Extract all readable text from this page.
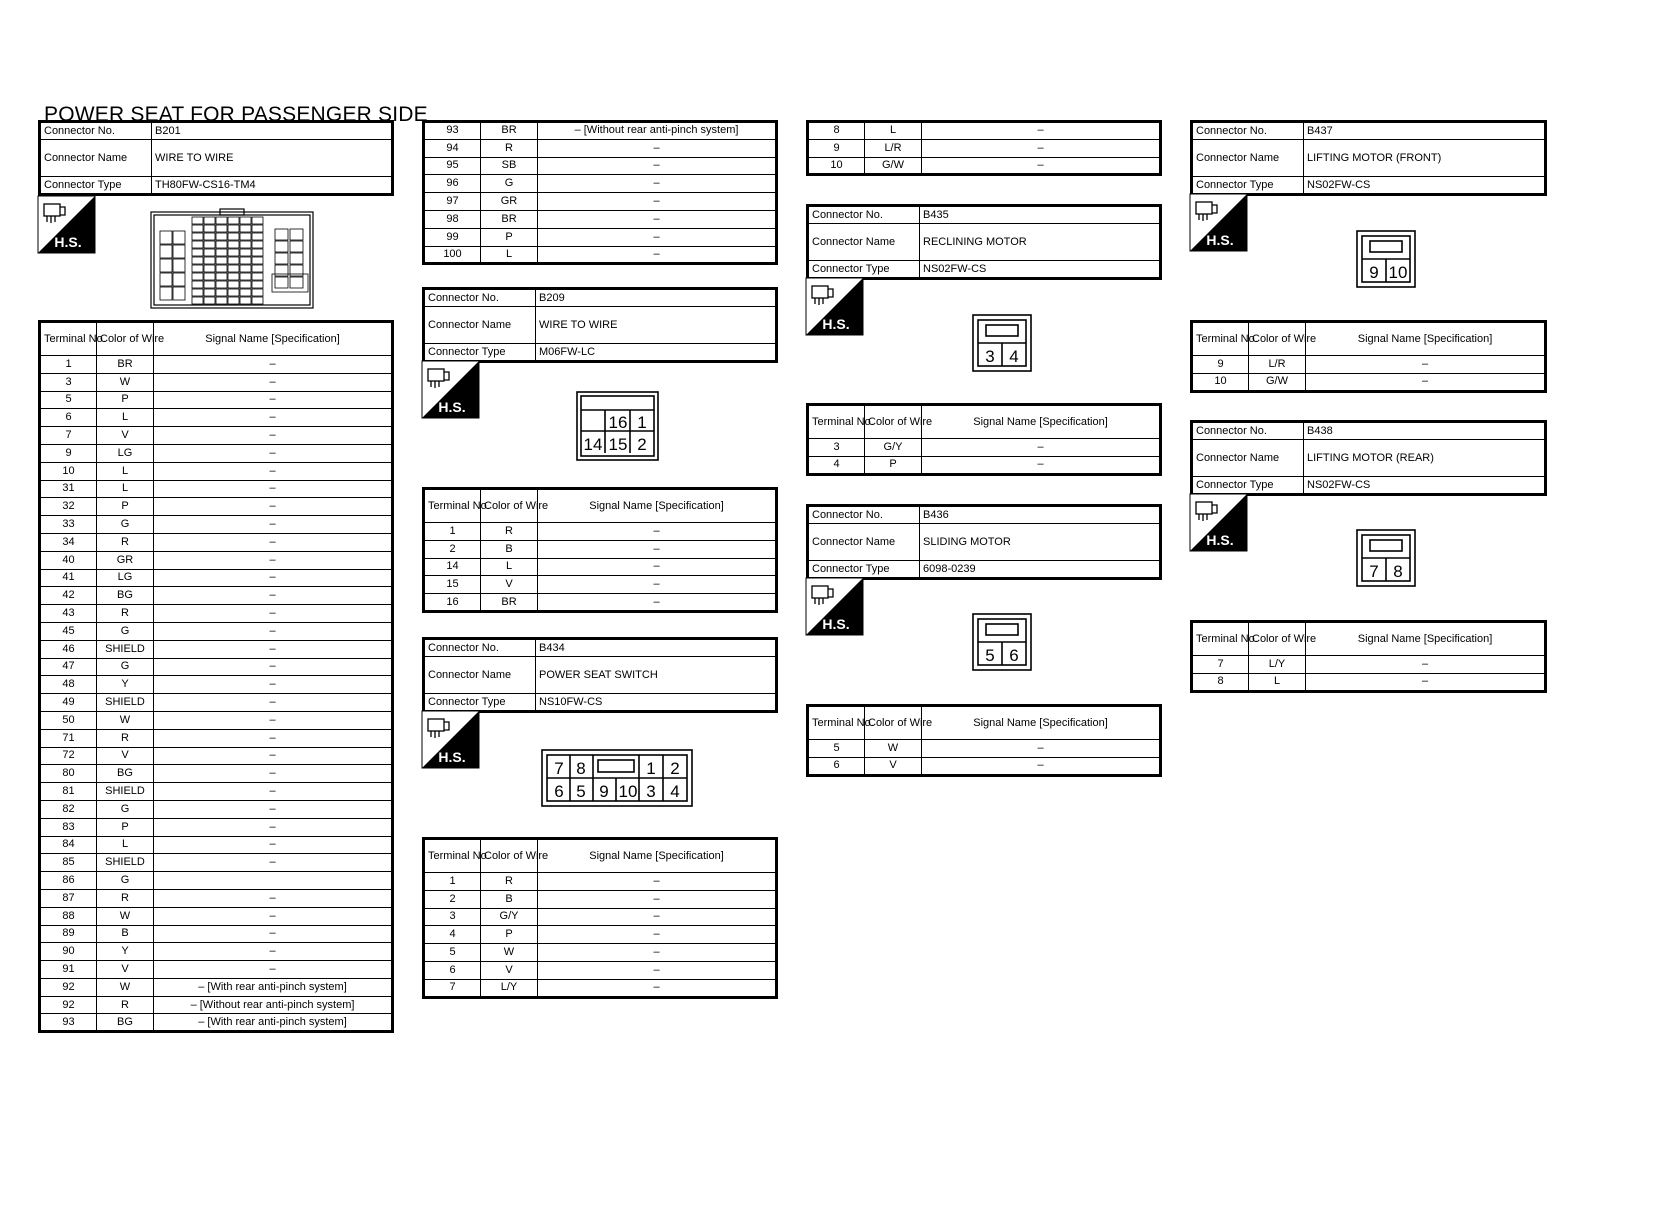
POWER SEAT FOR PASSENGER SIDE
Connector No.	B201
Connector Name	WIRE TO WIRE
Connector Type	TH80FW-CS16-TM4
H.S.
Terminal No.	Color of Wire	Signal Name [Specification]
1	BR	–
3	W	–
5	P	–
6	L	–
7	V	–
9	LG	–
10	L	–
31	L	–
32	P	–
33	G	–
34	R	–
40	GR	–
41	LG	–
42	BG	–
43	R	–
45	G	–
46	SHIELD	–
47	G	–
48	Y	–
49	SHIELD	–
50	W	–
71	R	–
72	V	–
80	BG	–
81	SHIELD	–
82	G	–
83	P	–
84	L	–
85	SHIELD	–
86	G	
87	R	–
88	W	–
89	B	–
90	Y	–
91	V	–
92	W	– [With rear anti-pinch system]
92	R	– [Without rear anti-pinch system]
93	BG	– [With rear anti-pinch system]
93	BR	– [Without rear anti-pinch system]
94	R	–
95	SB	–
96	G	–
97	GR	–
98	BR	–
99	P	–
100	L	–
Connector No.	B209
Connector Name	WIRE TO WIRE
Connector Type	M06FW-LC
H.S.
16 1
14 15 2
Terminal No.	Color of Wire	Signal Name [Specification]
1	R	–
2	B	–
14	L	–
15	V	–
16	BR	–
Connector No.	B434
Connector Name	POWER SEAT SWITCH
Connector Type	NS10FW-CS
H.S.
7 8	1 2
6 5 9 10 3 4
Terminal No.	Color of Wire	Signal Name [Specification]
1	R	–
2	B	–
3	G/Y	–
4	P	–
5	W	–
6	V	–
7	L/Y	–
8	L	–
9	L/R	–
10	G/W	–
Connector No.	B435
Connector Name	RECLINING MOTOR
Connector Type	NS02FW-CS
H.S.
3 4
Terminal No.	Color of Wire	Signal Name [Specification]
3	G/Y	–
4	P	–
Connector No.	B436
Connector Name	SLIDING MOTOR
Connector Type	6098-0239
H.S.
5 6
Terminal No.	Color of Wire	Signal Name [Specification]
5	W	–
6	V	–
Connector No.	B437
Connector Name	LIFTING MOTOR (FRONT)
Connector Type	NS02FW-CS
H.S.
9 10
Terminal No.	Color of Wire	Signal Name [Specification]
9	L/R	–
10	G/W	–
Connector No.	B438
Connector Name	LIFTING MOTOR (REAR)
Connector Type	NS02FW-CS
H.S.
7 8
Terminal No.	Color of Wire	Signal Name [Specification]
7	L/Y	–
8	L	–
